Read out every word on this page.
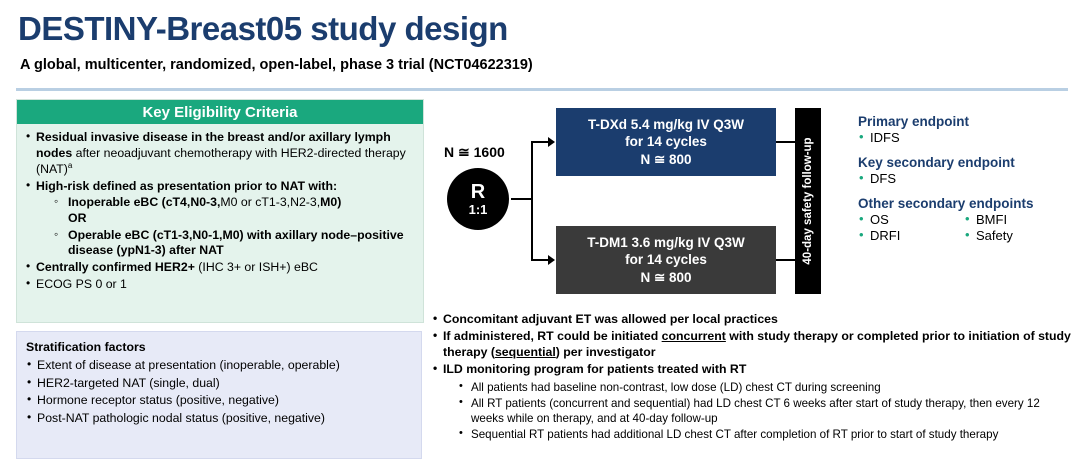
DESTINY-Breast05 study design
A global, multicenter, randomized, open-label, phase 3 trial (NCT04622319)
Key Eligibility Criteria
• Residual invasive disease in the breast and/or axillary lymph nodes after neoadjuvant chemotherapy with HER2-directed therapy (NAT)$^a$
• High-risk defined as presentation prior to NAT with:
◦ Inoperable eBC (cT4,N0-3,M0 or cT1-3,N2-3,M0)
OR
◦ Operable eBC (cT1-3,N0-1,M0) with axillary node–positive disease (ypN1-3) after NAT
• Centrally confirmed HER2+ (IHC 3+ or ISH+) eBC
• ECOG PS 0 or 1
Stratification factors
• Extent of disease at presentation (inoperable, operable)
• HER2-targeted NAT (single, dual)
• Hormone receptor status (positive, negative)
• Post-NAT pathologic nodal status (positive, negative)
N ≅ 1600
R
1:1
T-DXd 5.4 mg/kg IV Q3W
for 14 cycles
N ≅ 800
T-DM1 3.6 mg/kg IV Q3W
for 14 cycles
N ≅ 800
40-day safety follow-up
Primary endpoint
• IDFS
Key secondary endpoint
• DFS
Other secondary endpoints
• OS
• DRFI
• BMFI
• Safety
• Concomitant adjuvant ET was allowed per local practices
• If administered, RT could be initiated concurrent with study therapy or completed prior to initiation of study therapy (sequential) per investigator
• ILD monitoring program for patients treated with RT
• All patients had baseline non-contrast, low dose (LD) chest CT during screening
• All RT patients (concurrent and sequential) had LD chest CT 6 weeks after start of study therapy, then every 12 weeks while on therapy, and at 40-day follow-up
• Sequential RT patients had additional LD chest CT after completion of RT prior to start of study therapy
